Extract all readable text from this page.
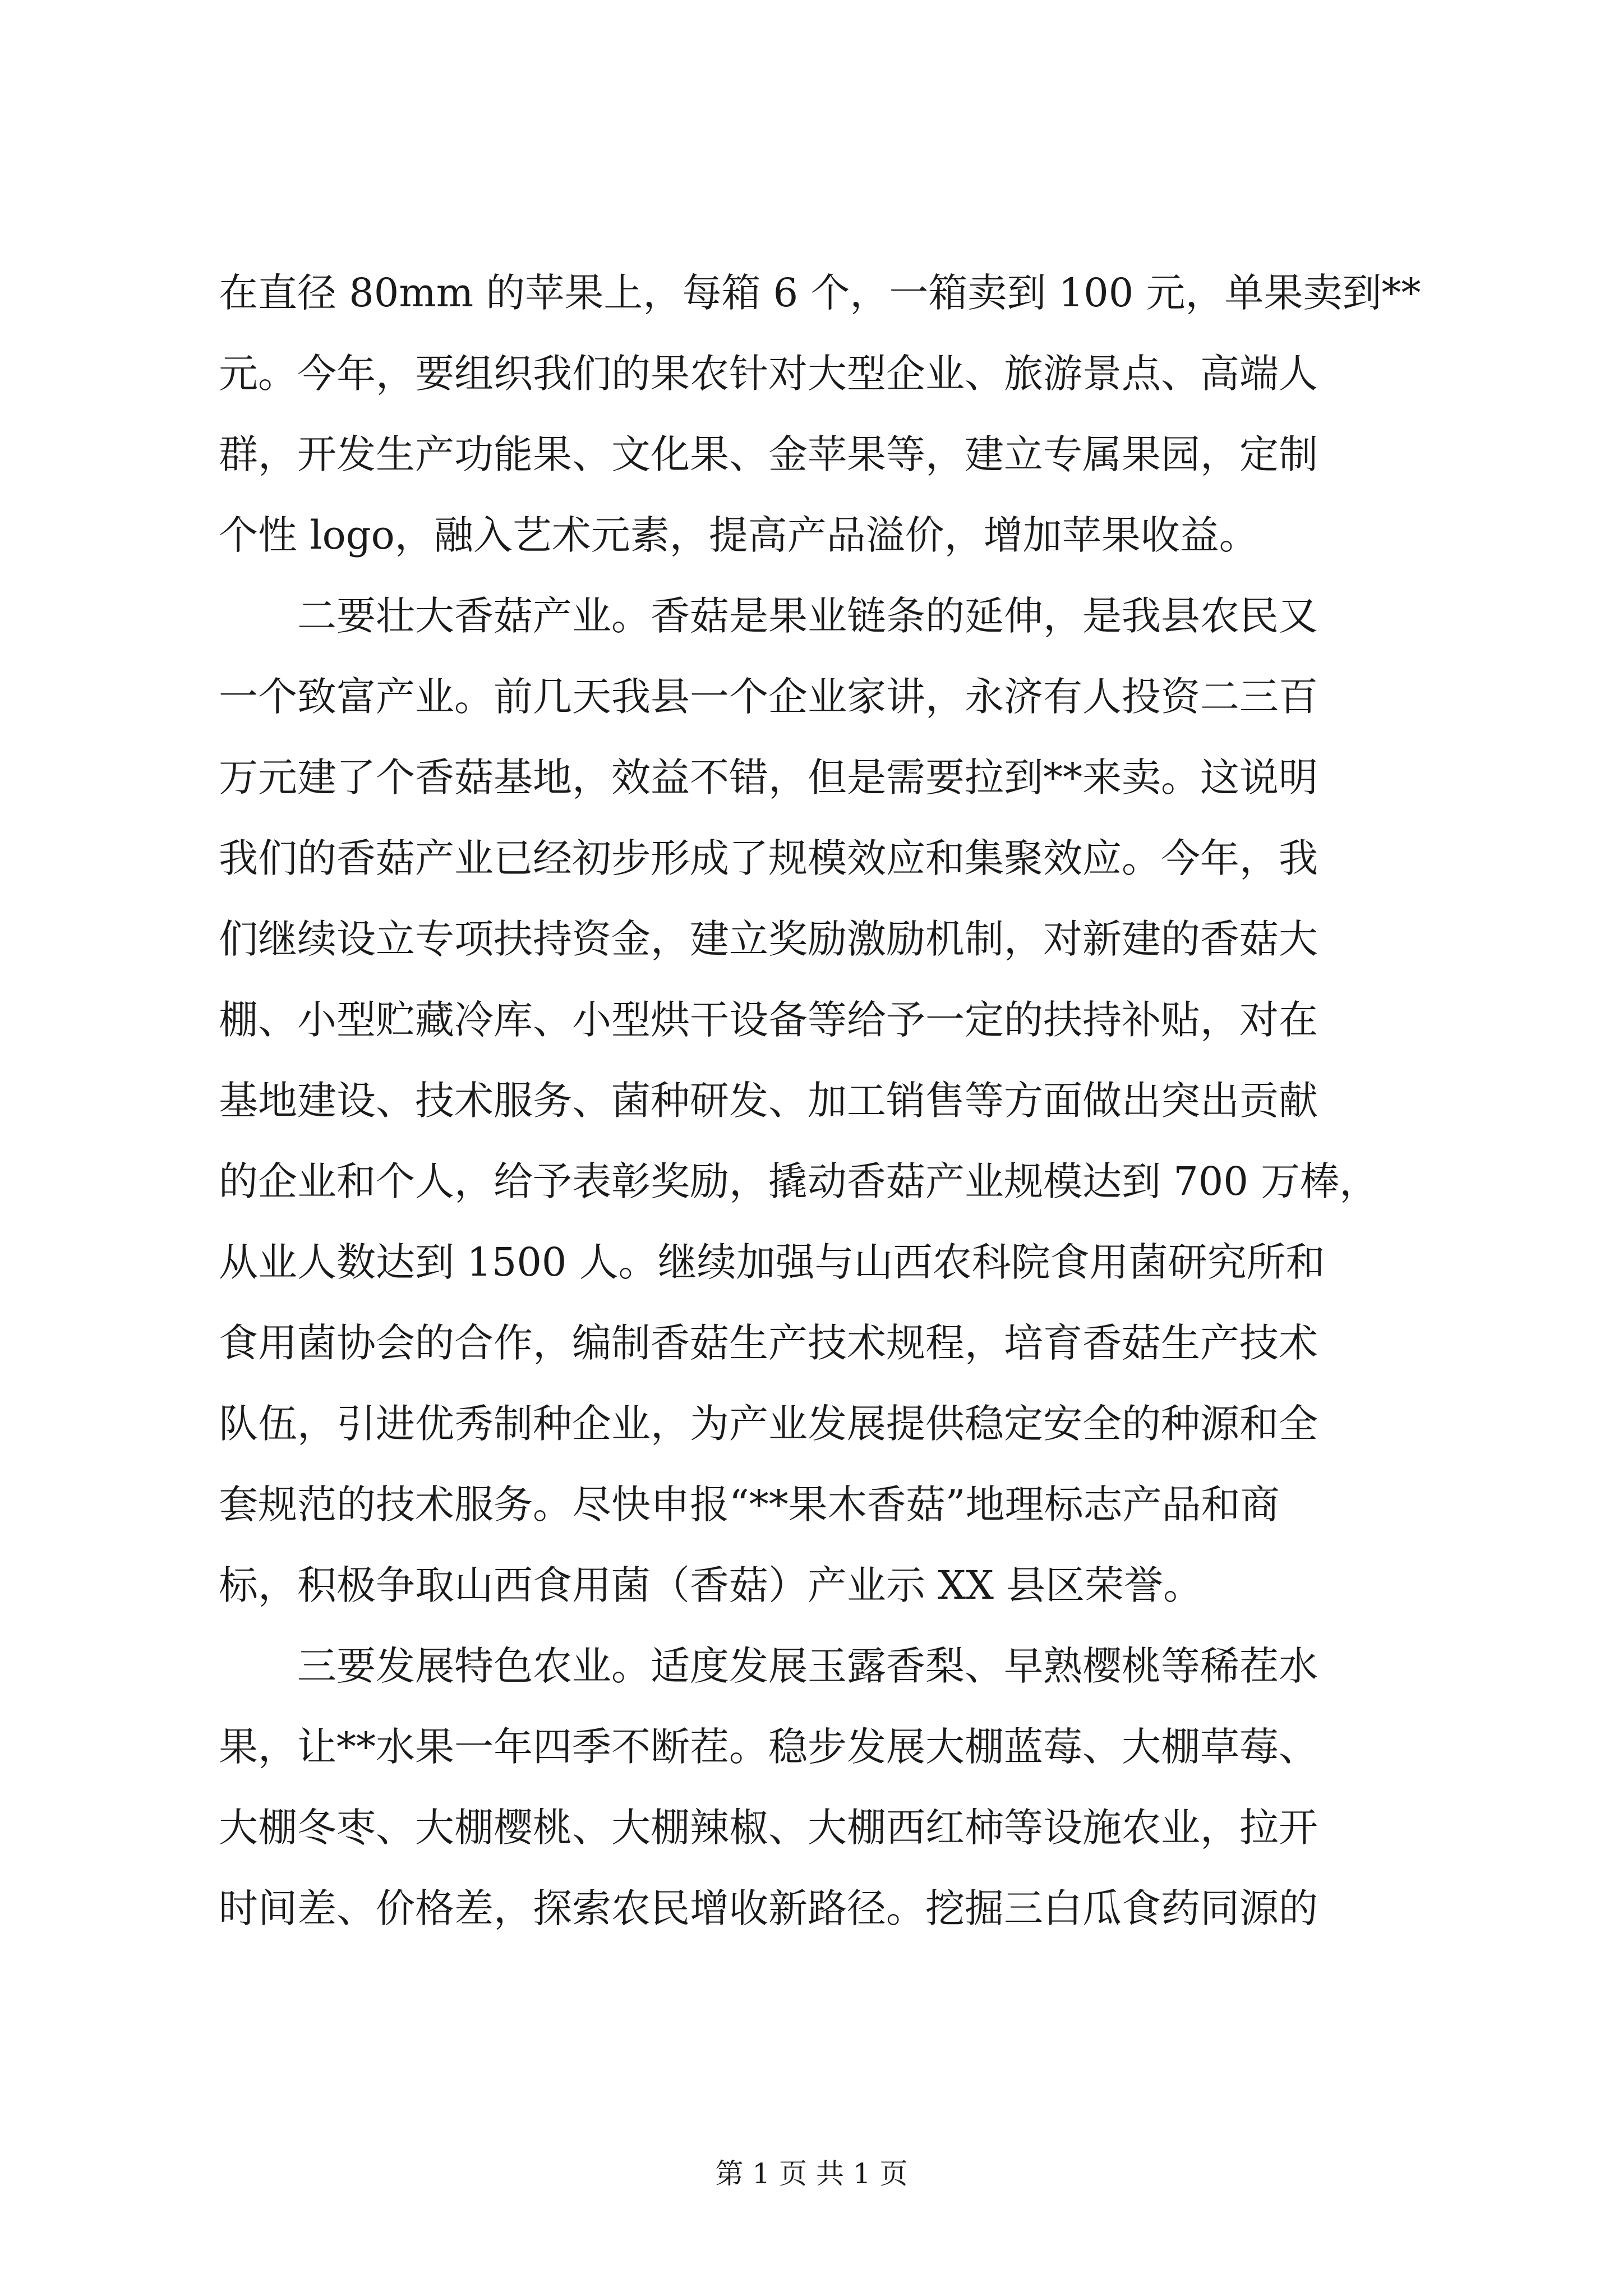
在直径 80mm 的苹果上，每箱 6 个，一箱卖到 100 元，单果卖到**
元。今年，要组织我们的果农针对大型企业、旅游景点、高端人
群，开发生产功能果、文化果、金苹果等，建立专属果园，定制
个性 logo，融入艺术元素，提高产品溢价，增加苹果收益。
二要壮大香菇产业。香菇是果业链条的延伸，是我县农民又
一个致富产业。前几天我县一个企业家讲，永济有人投资二三百
万元建了个香菇基地，效益不错，但是需要拉到**来卖。这说明
我们的香菇产业已经初步形成了规模效应和集聚效应。今年，我
们继续设立专项扶持资金，建立奖励激励机制，对新建的香菇大
棚、小型贮藏冷库、小型烘干设备等给予一定的扶持补贴，对在
基地建设、技术服务、菌种研发、加工销售等方面做出突出贡献
的企业和个人，给予表彰奖励，撬动香菇产业规模达到 700 万棒，
从业人数达到 1500 人。继续加强与山西农科院食用菌研究所和
食用菌协会的合作，编制香菇生产技术规程，培育香菇生产技术
队伍，引进优秀制种企业，为产业发展提供稳定安全的种源和全
套规范的技术服务。尽快申报“**果木香菇”地理标志产品和商
标，积极争取山西食用菌（香菇）产业示 XX 县区荣誉。
三要发展特色农业。适度发展玉露香梨、早熟樱桃等稀茬水
果，让**水果一年四季不断茬。稳步发展大棚蓝莓、大棚草莓、
大棚冬枣、大棚樱桃、大棚辣椒、大棚西红柿等设施农业，拉开
时间差、价格差，探索农民增收新路径。挖掘三白瓜食药同源的
第 1 页 共 1 页
